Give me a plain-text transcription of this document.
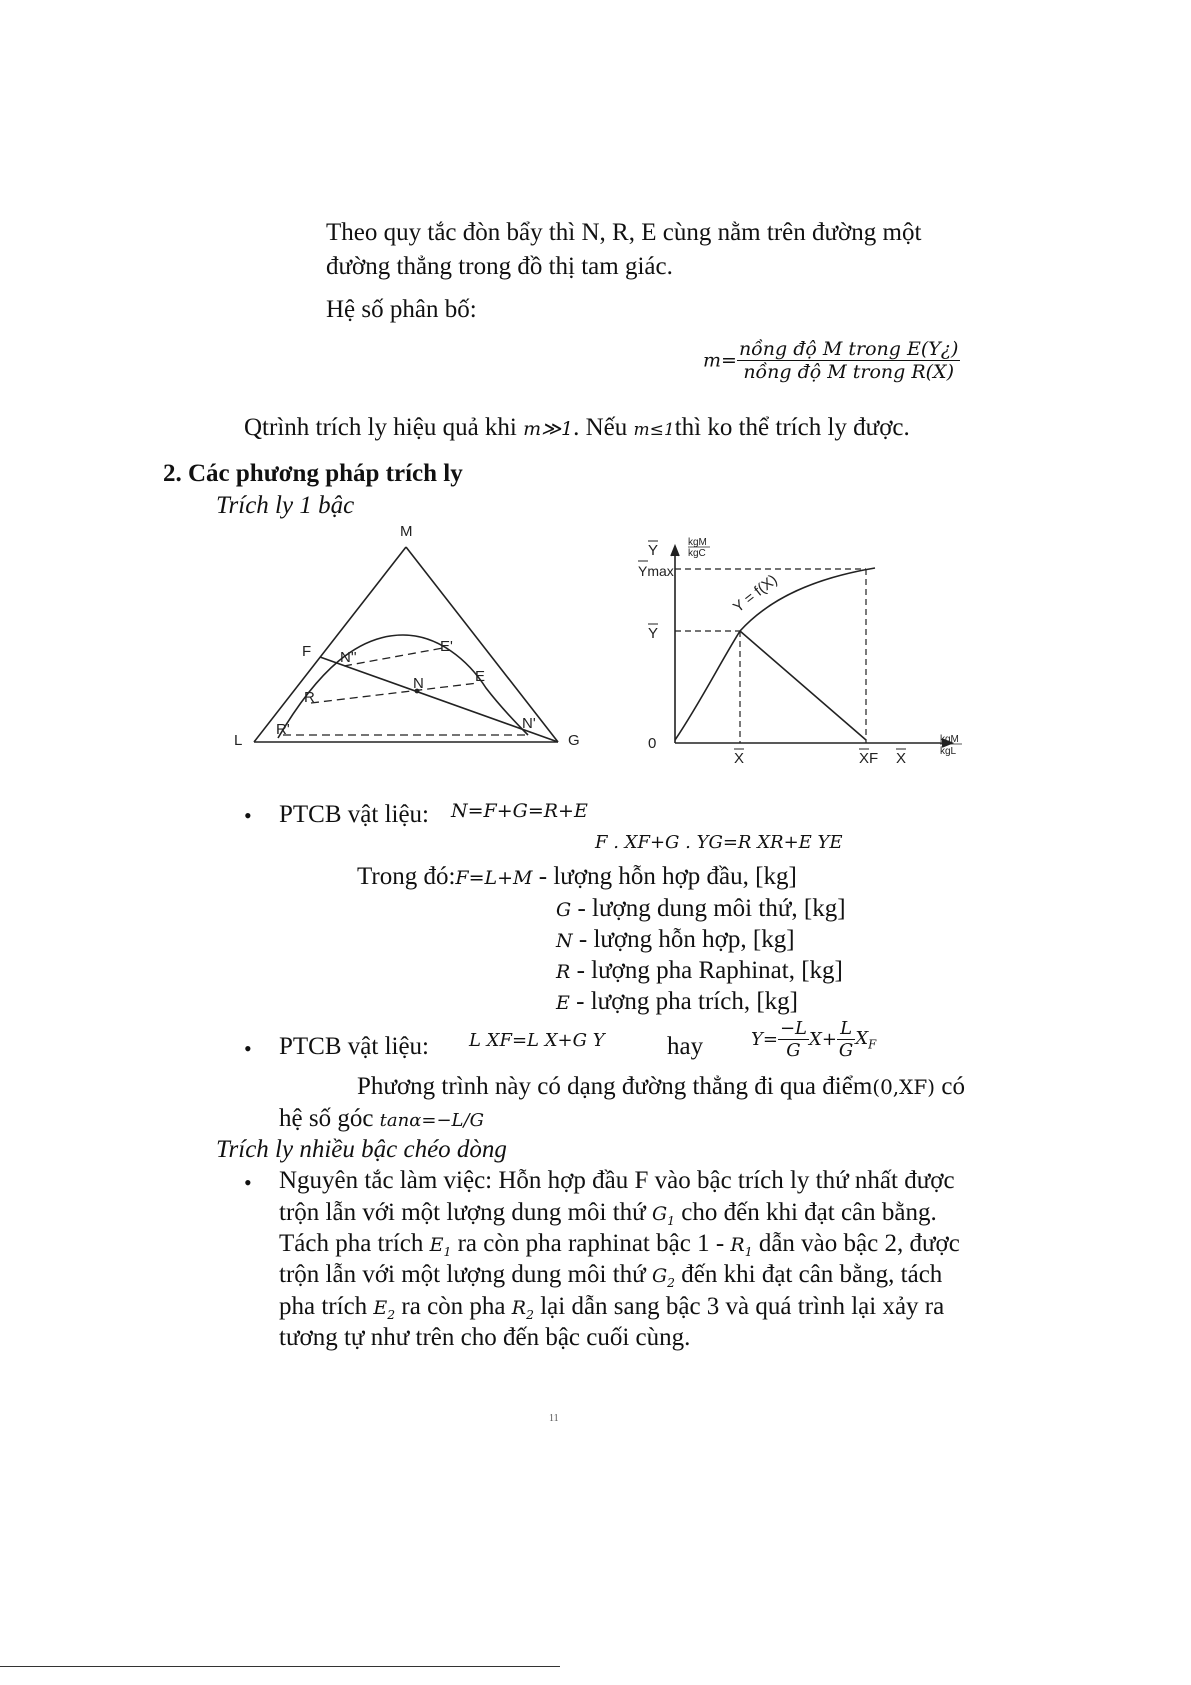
Theo quy tắc đòn bẩy thì N, R, E cùng nằm trên đường một
đường thẳng trong đồ thị tam giác.
Hệ số phân bố:
$m= \frac{\text{nồng độ M trong E(Y¿)}}{\text{nồng độ M trong R(X)}}$
Qtrình trích ly hiệu quả khi m≫1. Nếu m≤1thì ko thể trích ly được.
2. Các phương pháp trích ly
Trích ly 1 bậc
M
F
L	G
R
R'
N''
N	E
E'
N'
Y	kgM
kgC
Ymax
Y
0
Y = f(X)
X	XF X
kgM
kgL
• PTCB vật liệu: N=F+G=R+E
F . XF+G . YG=R XR+E YE
Trong đó:F=L+M - lượng hỗn hợp đầu, [kg]
G - lượng dung môi thứ, [kg]
N - lượng hỗn hợp, [kg]
R - lượng pha Raphinat, [kg]
E - lượng pha trích, [kg]
• PTCB vật liệu: L XF=L X+G Y hay	$Y= \frac{-L}{G} X+ \frac{L}{G} X_F$
Phương trình này có dạng đường thẳng đi qua điểm(0,XF) có
hệ số góc tanα=−L/G
Trích ly nhiều bậc chéo dòng
• Nguyên tắc làm việc: Hỗn hợp đầu F vào bậc trích ly thứ nhất được
trộn lẫn với một lượng dung môi thứ $G_1$ cho đến khi đạt cân bằng.
Tách pha trích $E_1$ ra còn pha raphinat bậc $1 - R_1$ dẫn vào bậc 2, được
trộn lẫn với một lượng dung môi thứ $G_2$ đến khi đạt cân bằng, tách
pha trích $E_2$ ra còn pha $R_2$ lại dẫn sang bậc 3 và quá trình lại xảy ra
tương tự như trên cho đến bậc cuối cùng.
11
